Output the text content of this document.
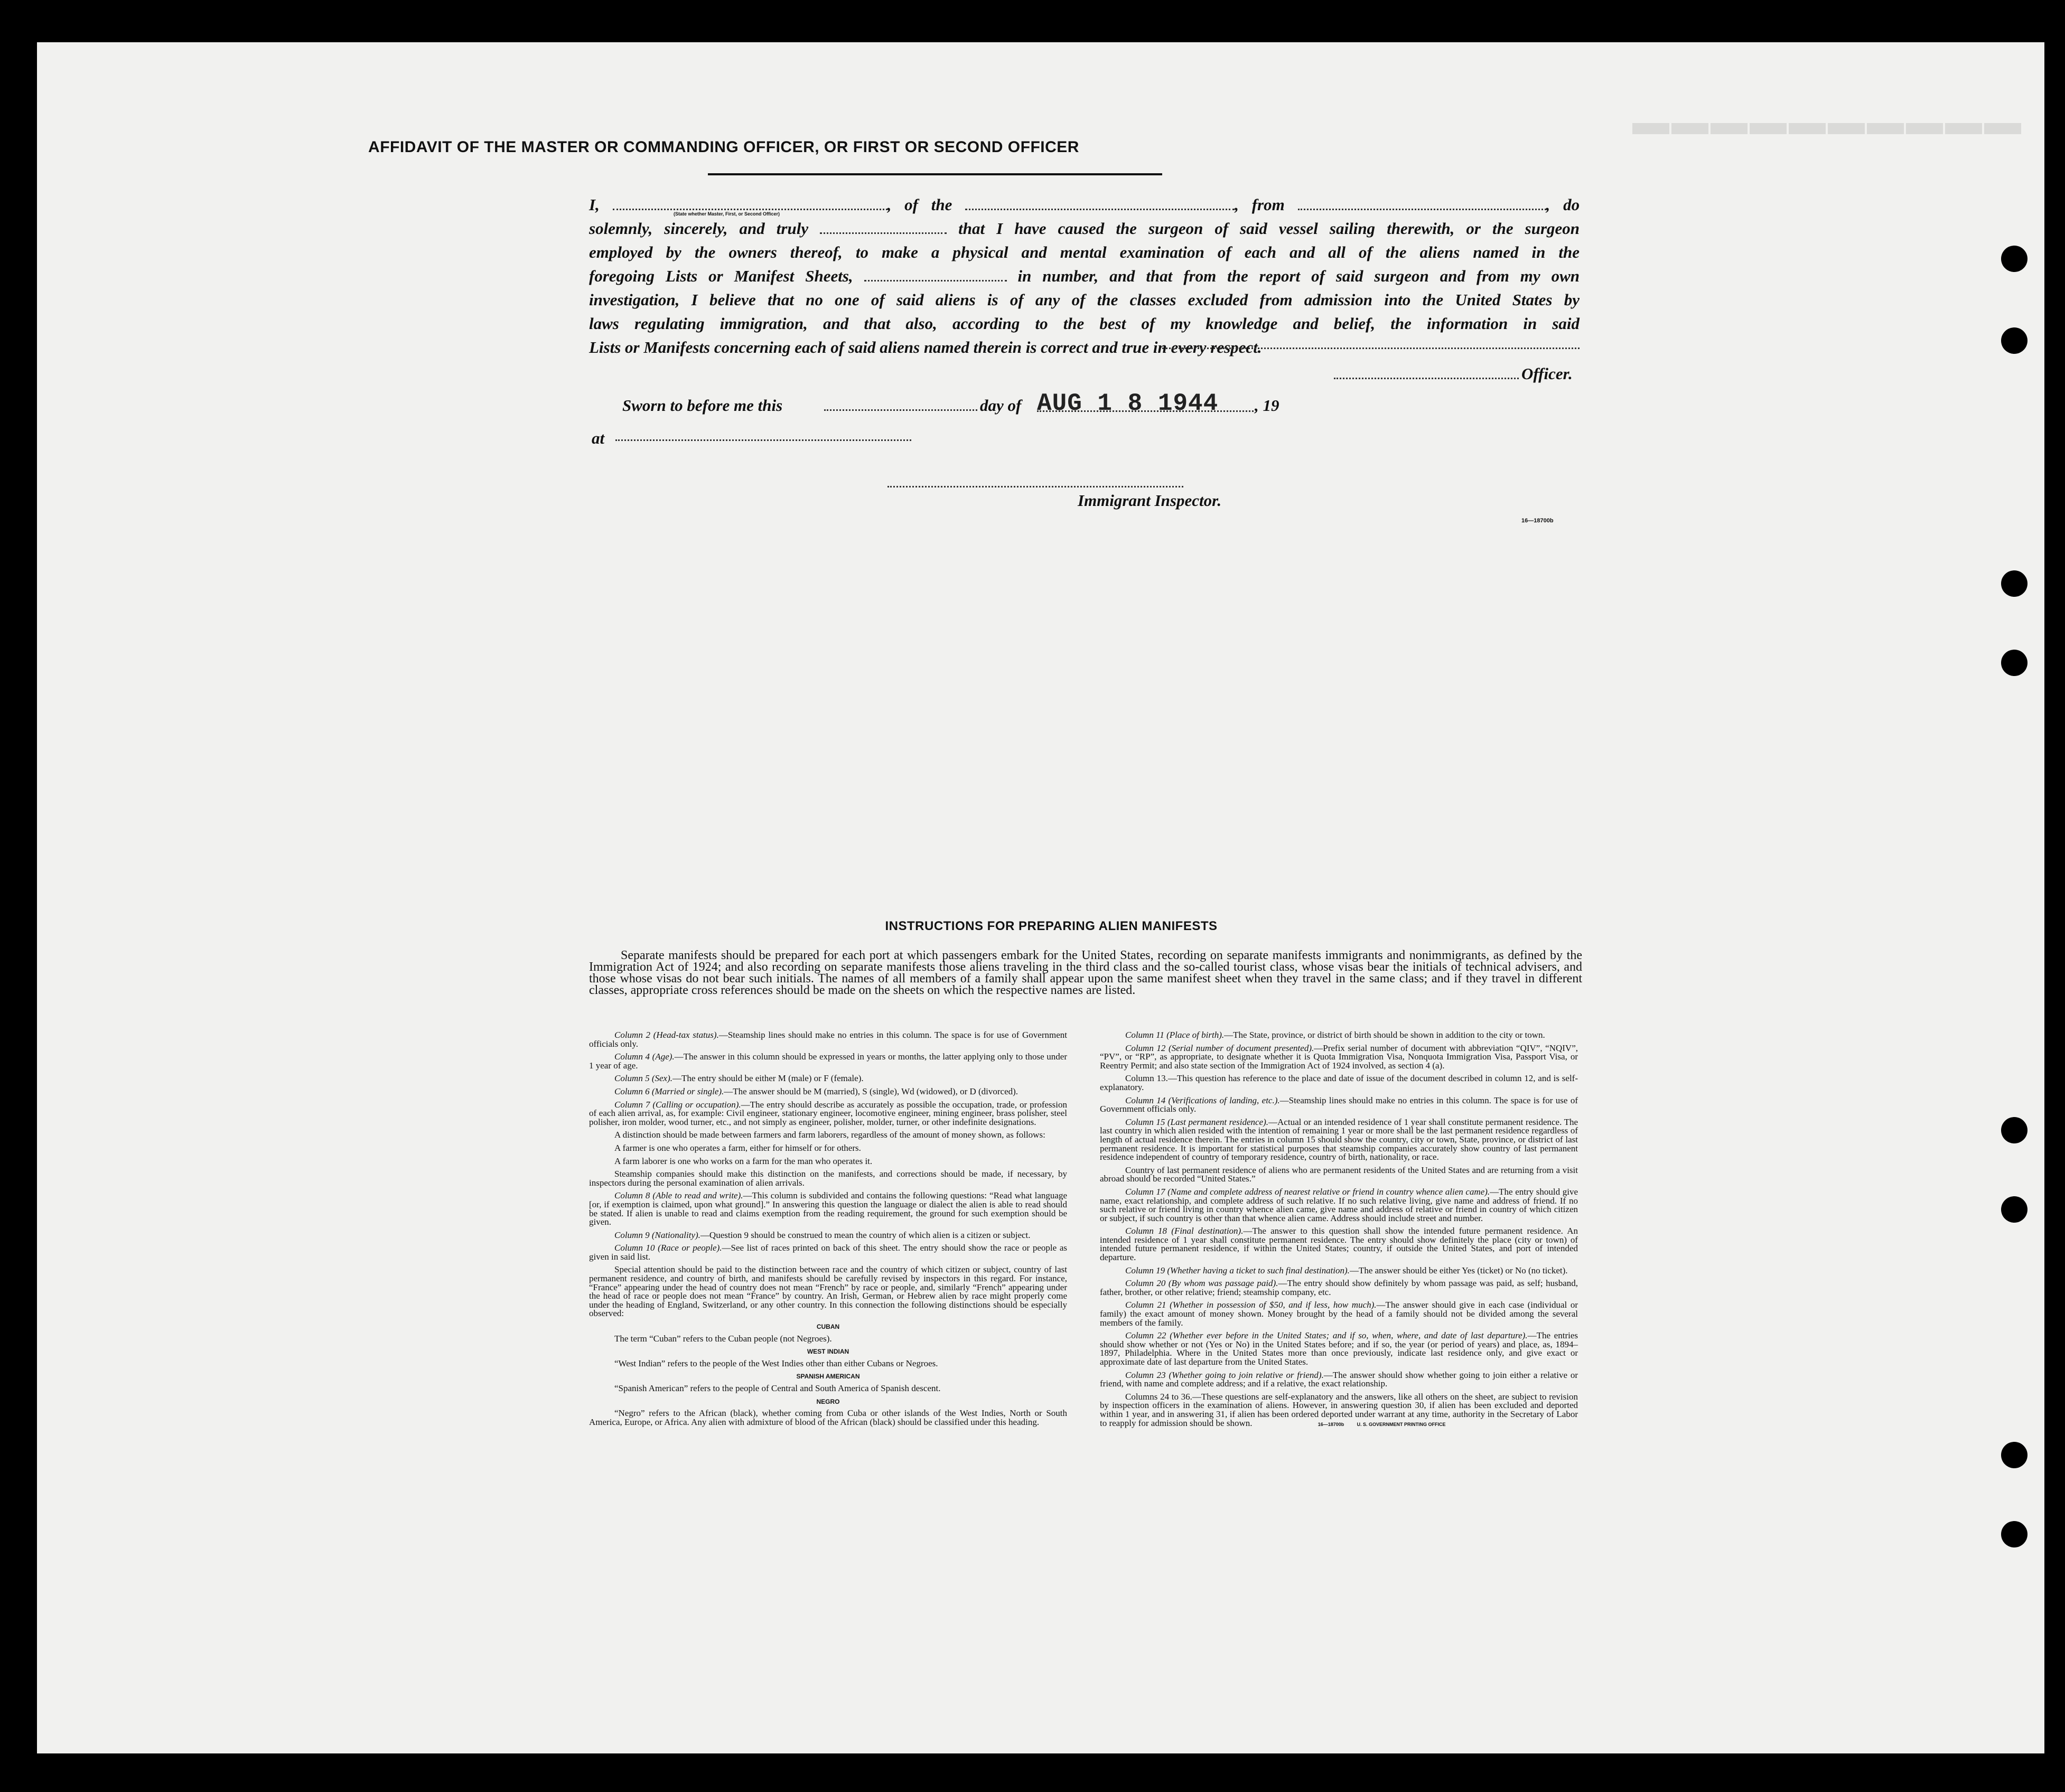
▬▬▬▬▬▬▬▬▬▬
AFFIDAVIT OF THE MASTER OR COMMANDING OFFICER, OR FIRST OR SECOND OFFICER

I,	, of the	, from	, do

solemnly, sincerely, and truly	that I have caused the surgeon of said vessel sailing therewith, or the surgeon

employed by the owners thereof, to make a physical and mental examination of each and all of the aliens named in the

foregoing Lists or Manifest Sheets,	in number, and that from the report of said surgeon and from my own

investigation, I believe that no one of said aliens is of any of the classes excluded from admission into the United States by

laws regulating immigration, and that also, according to the best of my knowledge and belief, the information in said

Lists or Manifests concerning each of said aliens named therein is correct and true in every respect.

(State whether Master, First, or Second Officer)
Officer.
Sworn to before me this	day of AUG 1 8 1944 , 19
at
Immigrant Inspector.
16—18700b
INSTRUCTIONS FOR PREPARING ALIEN MANIFESTS
Separate manifests should be prepared for each port at which passengers embark for the United States, recording on separate manifests immigrants and nonimmigrants, as defined by the Immigration Act of 1924; and also recording on separate manifests those aliens traveling in the third class and the so-called tourist class, whose visas bear the initials of technical advisers, and those whose visas do not bear such initials. The names of all members of a family shall appear upon the same manifest sheet when they travel in the same class; and if they travel in different classes, appropriate cross references should be made on the sheets on which the respective names are listed.

Column 2 (Head-tax status).—Steamship lines should make no entries in this column. The space is for use of Government officials only.

Column 4 (Age).—The answer in this column should be expressed in years or months, the latter applying only to those under 1 year of age.

Column 5 (Sex).—The entry should be either M (male) or F (female).

Column 6 (Married or single).—The answer should be M (married), S (single), Wd (widowed), or D (divorced).

Column 7 (Calling or occupation).—The entry should describe as accurately as possible the occupation, trade, or profession of each alien arrival, as, for example: Civil engineer, stationary engineer, locomotive engineer, mining engineer, brass polisher, steel polisher, iron molder, wood turner, etc., and not simply as engineer, polisher, molder, turner, or other indefinite designations.

A distinction should be made between farmers and farm laborers, regardless of the amount of money shown, as follows:

A farmer is one who operates a farm, either for himself or for others.

A farm laborer is one who works on a farm for the man who operates it.

Steamship companies should make this distinction on the manifests, and corrections should be made, if necessary, by inspectors during the personal examination of alien arrivals.

Column 8 (Able to read and write).—This column is subdivided and contains the following questions: “Read what language [or, if exemption is claimed, upon what ground].” In answering this question the language or dialect the alien is able to read should be stated. If alien is unable to read and claims exemption from the reading requirement, the ground for such exemption should be given.

Column 9 (Nationality).—Question 9 should be construed to mean the country of which alien is a citizen or subject.

Column 10 (Race or people).—See list of races printed on back of this sheet. The entry should show the race or people as given in said list.

Special attention should be paid to the distinction between race and the country of which citizen or subject, country of last permanent residence, and country of birth, and manifests should be carefully revised by inspectors in this regard. For instance, “France” appearing under the head of country does not mean “French” by race or people, and, similarly “French” appearing under the head of race or people does not mean “France” by country. An Irish, German, or Hebrew alien by race might properly come under the heading of England, Switzerland, or any other country. In this connection the following distinctions should be especially observed:

CUBAN

The term “Cuban” refers to the Cuban people (not Negroes).

WEST INDIAN

“West Indian” refers to the people of the West Indies other than either Cubans or Negroes.

SPANISH AMERICAN

“Spanish American” refers to the people of Central and South America of Spanish descent.

NEGRO

“Negro” refers to the African (black), whether coming from Cuba or other islands of the West Indies, North or South America, Europe, or Africa. Any alien with admixture of blood of the African (black) should be classified under this heading.

Column 11 (Place of birth).—The State, province, or district of birth should be shown in addition to the city or town.

Column 12 (Serial number of document presented).—Prefix serial number of document with abbreviation “QIV”, “NQIV”, “PV”, or “RP”, as appropriate, to designate whether it is Quota Immigration Visa, Nonquota Immigration Visa, Passport Visa, or Reentry Permit; and also state section of the Immigration Act of 1924 involved, as section 4 (a).

Column 13.—This question has reference to the place and date of issue of the document described in column 12, and is self-explanatory.

Column 14 (Verifications of landing, etc.).—Steamship lines should make no entries in this column. The space is for use of Government officials only.

Column 15 (Last permanent residence).—Actual or an intended residence of 1 year shall constitute permanent residence. The last country in which alien resided with the intention of remaining 1 year or more shall be the last permanent residence regardless of length of actual residence therein. The entries in column 15 should show the country, city or town, State, province, or district of last permanent residence. It is important for statistical purposes that steamship companies accurately show country of last permanent residence independent of country of temporary residence, country of birth, nationality, or race.

Country of last permanent residence of aliens who are permanent residents of the United States and are returning from a visit abroad should be recorded “United States.”

Column 17 (Name and complete address of nearest relative or friend in country whence alien came).—The entry should give name, exact relationship, and complete address of such relative. If no such relative living, give name and address of friend. If no such relative or friend living in country whence alien came, give name and address of relative or friend in country of which citizen or subject, if such country is other than that whence alien came. Address should include street and number.

Column 18 (Final destination).—The answer to this question shall show the intended future permanent residence. An intended residence of 1 year shall constitute permanent residence. The entry should show definitely the place (city or town) of intended future permanent residence, if within the United States; country, if outside the United States, and port of intended departure.

Column 19 (Whether having a ticket to such final destination).—The answer should be either Yes (ticket) or No (no ticket).

Column 20 (By whom was passage paid).—The entry should show definitely by whom passage was paid, as self; husband, father, brother, or other relative; friend; steamship company, etc.

Column 21 (Whether in possession of $50, and if less, how much).—The answer should give in each case (individual or family) the exact amount of money shown. Money brought by the head of a family should not be divided among the several members of the family.

Column 22 (Whether ever before in the United States; and if so, when, where, and date of last departure).—The entries should show whether or not (Yes or No) in the United States before; and if so, the year (or period of years) and place, as, 1894–1897, Philadelphia. Where in the United States more than once previously, indicate last residence only, and give exact or approximate date of last departure from the United States.

Column 23 (Whether going to join relative or friend).—The answer should show whether going to join either a relative or friend, with name and complete address; and if a relative, the exact relationship.

Columns 24 to 36.—These questions are self-explanatory and the answers, like all others on the sheet, are subject to revision by inspection officers in the examination of aliens. However, in answering question 30, if alien has been excluded and deported within 1 year, and in answering 31, if alien has been ordered deported under warrant at any time, authority in the Secretary of Labor to reapply for admission should be shown.	16—18700b	U. S. GOVERNMENT PRINTING OFFICE
